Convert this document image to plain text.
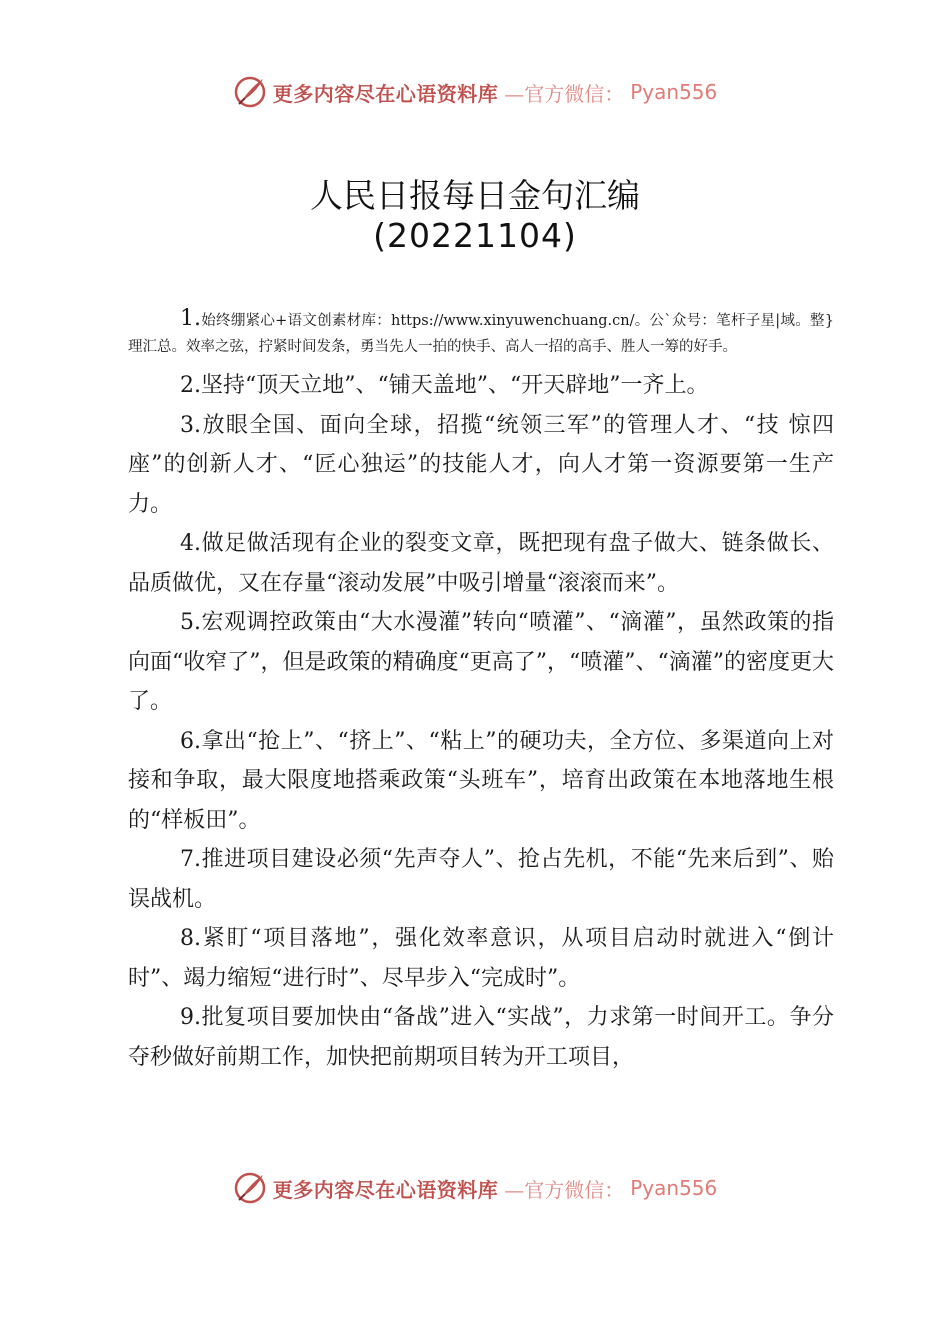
更多内容尽在心语资料库 —官方微信： Pyan556
人民日报每日金句汇编
(20221104)

1.始终绷紧心+语文创素材库：https://www.xinyuwenchuang.cn/。公`众号：笔杆子星|域。整}理汇总。效率之弦，拧紧时间发条，勇当先人一拍的快手、高人一招的高手、胜人一筹的好手。

2.坚持“顶天立地”、“铺天盖地”、“开天辟地”一齐上。

3.放眼全国、面向全球，招揽“统领三军”的管理人才、“技 惊四座”的创新人才、“匠心独运”的技能人才，向人才第一资源要第一生产力。

4.做足做活现有企业的裂变文章，既把现有盘子做大、链条做长、品质做优，又在存量“滚动发展”中吸引增量“滚滚而来”。

5.宏观调控政策由“大水漫灌”转向“喷灌”、“滴灌”，虽然政策的指向面“收窄了”，但是政策的精确度“更高了”，“喷灌”、“滴灌”的密度更大了。

6.拿出“抢上”、“挤上”、“粘上”的硬功夫，全方位、多渠道向上对接和争取，最大限度地搭乘政策“头班车”，培育出政策在本地落地生根的“样板田”。

7.推进项目建设必须“先声夺人”、抢占先机，不能“先来后到”、贻误战机。

8.紧盯“项目落地”，强化效率意识，从项目启动时就进入“倒计时”、竭力缩短“进行时”、尽早步入“完成时”。

9.批复项目要加快由“备战”进入“实战”，力求第一时间开工。争分夺秒做好前期工作，加快把前期项目转为开工项目，

更多内容尽在心语资料库 —官方微信： Pyan556
